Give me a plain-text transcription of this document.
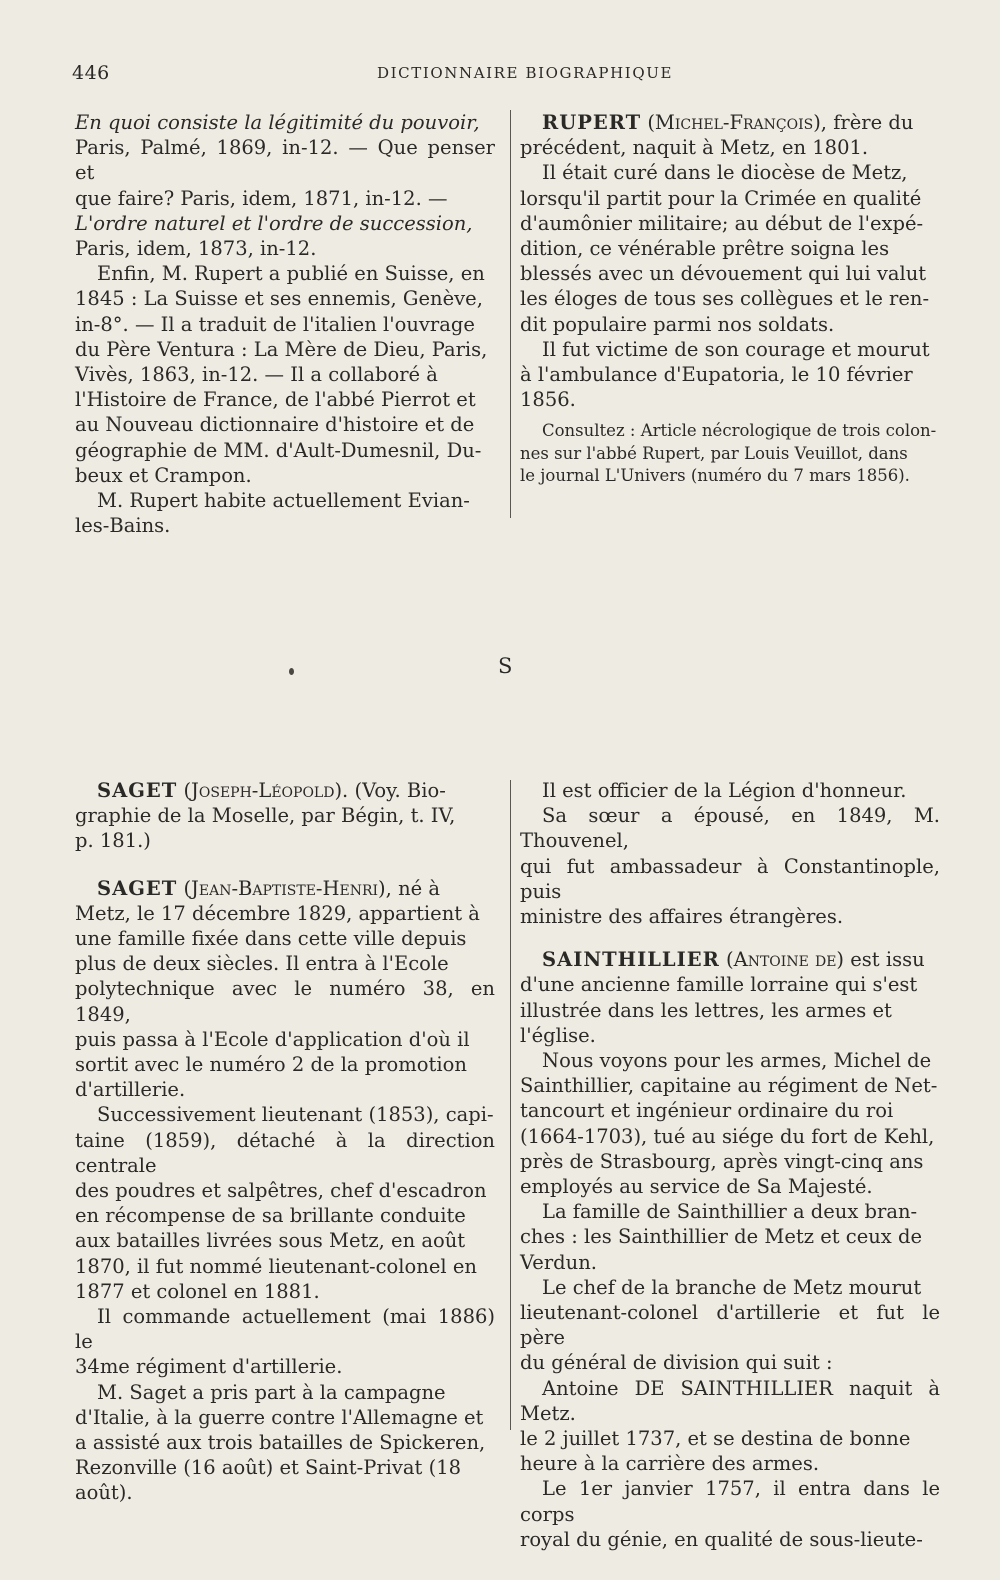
446	DICTIONNAIRE BIOGRAPHIQUE

En quoi consiste la légitimité du pouvoir,
Paris, Palmé, 1869, in-12. — Que penser et
que faire? Paris, idem, 1871, in-12. —
L'ordre naturel et l'ordre de succession,
Paris, idem, 1873, in-12.

Enfin, M. Rupert a publié en Suisse, en
1845 : La Suisse et ses ennemis, Genève,
in-8°. — Il a traduit de l'italien l'ouvrage
du Père Ventura : La Mère de Dieu, Paris,
Vivès, 1863, in-12. — Il a collaboré à
l'Histoire de France, de l'abbé Pierrot et
au Nouveau dictionnaire d'histoire et de
géographie de MM. d'Ault-Dumesnil, Du-
beux et Crampon.

M. Rupert habite actuellement Evian-
les-Bains.

RUPERT (Michel-François), frère du
précédent, naquit à Metz, en 1801.

Il était curé dans le diocèse de Metz,
lorsqu'il partit pour la Crimée en qualité
d'aumônier militaire; au début de l'expé-
dition, ce vénérable prêtre soigna les
blessés avec un dévouement qui lui valut
les éloges de tous ses collègues et le ren-
dit populaire parmi nos soldats.

Il fut victime de son courage et mourut
à l'ambulance d'Eupatoria, le 10 février
1856.

Consultez : Article nécrologique de trois colon-
nes sur l'abbé Rupert, par Louis Veuillot, dans
le journal L'Univers (numéro du 7 mars 1856).

S

SAGET (Joseph-Léopold). (Voy. Bio-
graphie de la Moselle, par Bégin, t. IV,
p. 181.)

SAGET (Jean-Baptiste-Henri), né à
Metz, le 17 décembre 1829, appartient à
une famille fixée dans cette ville depuis
plus de deux siècles. Il entra à l'Ecole
polytechnique avec le numéro 38, en 1849,
puis passa à l'Ecole d'application d'où il
sortit avec le numéro 2 de la promotion
d'artillerie.

Successivement lieutenant (1853), capi-
taine (1859), détaché à la direction centrale
des poudres et salpêtres, chef d'escadron
en récompense de sa brillante conduite
aux batailles livrées sous Metz, en août
1870, il fut nommé lieutenant-colonel en
1877 et colonel en 1881.

Il commande actuellement (mai 1886) le
34me régiment d'artillerie.

M. Saget a pris part à la campagne
d'Italie, à la guerre contre l'Allemagne et
a assisté aux trois batailles de Spickeren,
Rezonville (16 août) et Saint-Privat (18
août).

Il est officier de la Légion d'honneur.

Sa sœur a épousé, en 1849, M. Thouvenel,
qui fut ambassadeur à Constantinople, puis
ministre des affaires étrangères.

SAINTHILLIER (Antoine de) est issu
d'une ancienne famille lorraine qui s'est
illustrée dans les lettres, les armes et
l'église.

Nous voyons pour les armes, Michel de
Sainthillier, capitaine au régiment de Net-
tancourt et ingénieur ordinaire du roi
(1664-1703), tué au siége du fort de Kehl,
près de Strasbourg, après vingt-cinq ans
employés au service de Sa Majesté.

La famille de Sainthillier a deux bran-
ches : les Sainthillier de Metz et ceux de
Verdun.

Le chef de la branche de Metz mourut
lieutenant-colonel d'artillerie et fut le père
du général de division qui suit :

Antoine DE SAINTHILLIER naquit à Metz.
le 2 juillet 1737, et se destina de bonne
heure à la carrière des armes.

Le 1er janvier 1757, il entra dans le corps
royal du génie, en qualité de sous-lieute-
